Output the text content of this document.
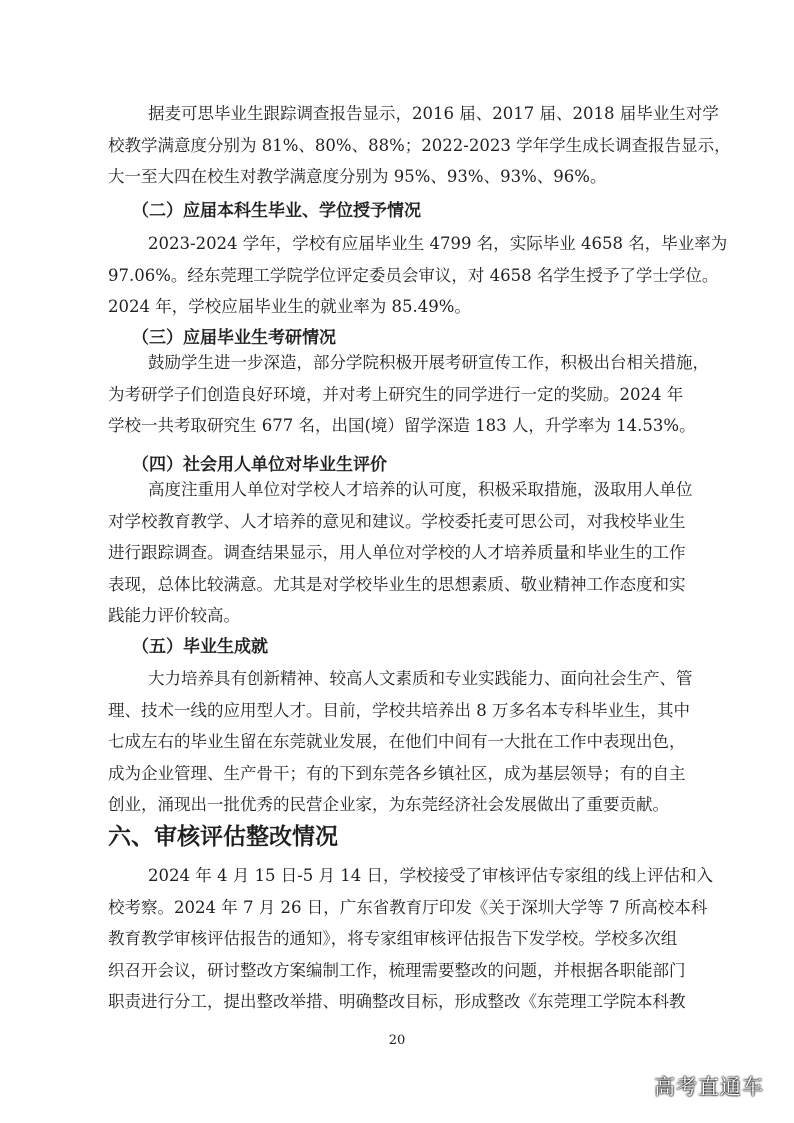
据麦可思毕业生跟踪调查报告显示，2016 届、2017 届、2018 届毕业生对学
校教学满意度分别为 81%、80%、88%；2022-2023 学年学生成长调查报告显示，
大一至大四在校生对教学满意度分别为 95%、93%、93%、96%。

（二）应届本科生毕业、学位授予情况

2023-2024 学年，学校有应届毕业生 4799 名，实际毕业 4658 名，毕业率为
97.06%。经东莞理工学院学位评定委员会审议，对 4658 名学生授予了学士学位。
2024 年，学校应届毕业生的就业率为 85.49%。

（三）应届毕业生考研情况

鼓励学生进一步深造，部分学院积极开展考研宣传工作，积极出台相关措施，
为考研学子们创造良好环境，并对考上研究生的同学进行一定的奖励。2024 年
学校一共考取研究生 677 名，出国(境）留学深造 183 人，升学率为 14.53%。

（四）社会用人单位对毕业生评价

高度注重用人单位对学校人才培养的认可度，积极采取措施，汲取用人单位
对学校教育教学、人才培养的意见和建议。学校委托麦可思公司，对我校毕业生
进行跟踪调查。调查结果显示，用人单位对学校的人才培养质量和毕业生的工作
表现，总体比较满意。尤其是对学校毕业生的思想素质、敬业精神工作态度和实
践能力评价较高。

（五）毕业生成就

大力培养具有创新精神、较高人文素质和专业实践能力、面向社会生产、管
理、技术一线的应用型人才。目前，学校共培养出 8 万多名本专科毕业生，其中
七成左右的毕业生留在东莞就业发展，在他们中间有一大批在工作中表现出色，
成为企业管理、生产骨干；有的下到东莞各乡镇社区，成为基层领导；有的自主
创业，涌现出一批优秀的民营企业家，为东莞经济社会发展做出了重要贡献。

六、审核评估整改情况

2024 年 4 月 15 日-5 月 14 日，学校接受了审核评估专家组的线上评估和入
校考察。2024 年 7 月 26 日，广东省教育厅印发《关于深圳大学等 7 所高校本科
教育教学审核评估报告的通知》，将专家组审核评估报告下发学校。学校多次组
织召开会议，研讨整改方案编制工作，梳理需要整改的问题，并根据各职能部门
职责进行分工，提出整改举措、明确整改目标，形成整改《东莞理工学院本科教

20
高考直通车
